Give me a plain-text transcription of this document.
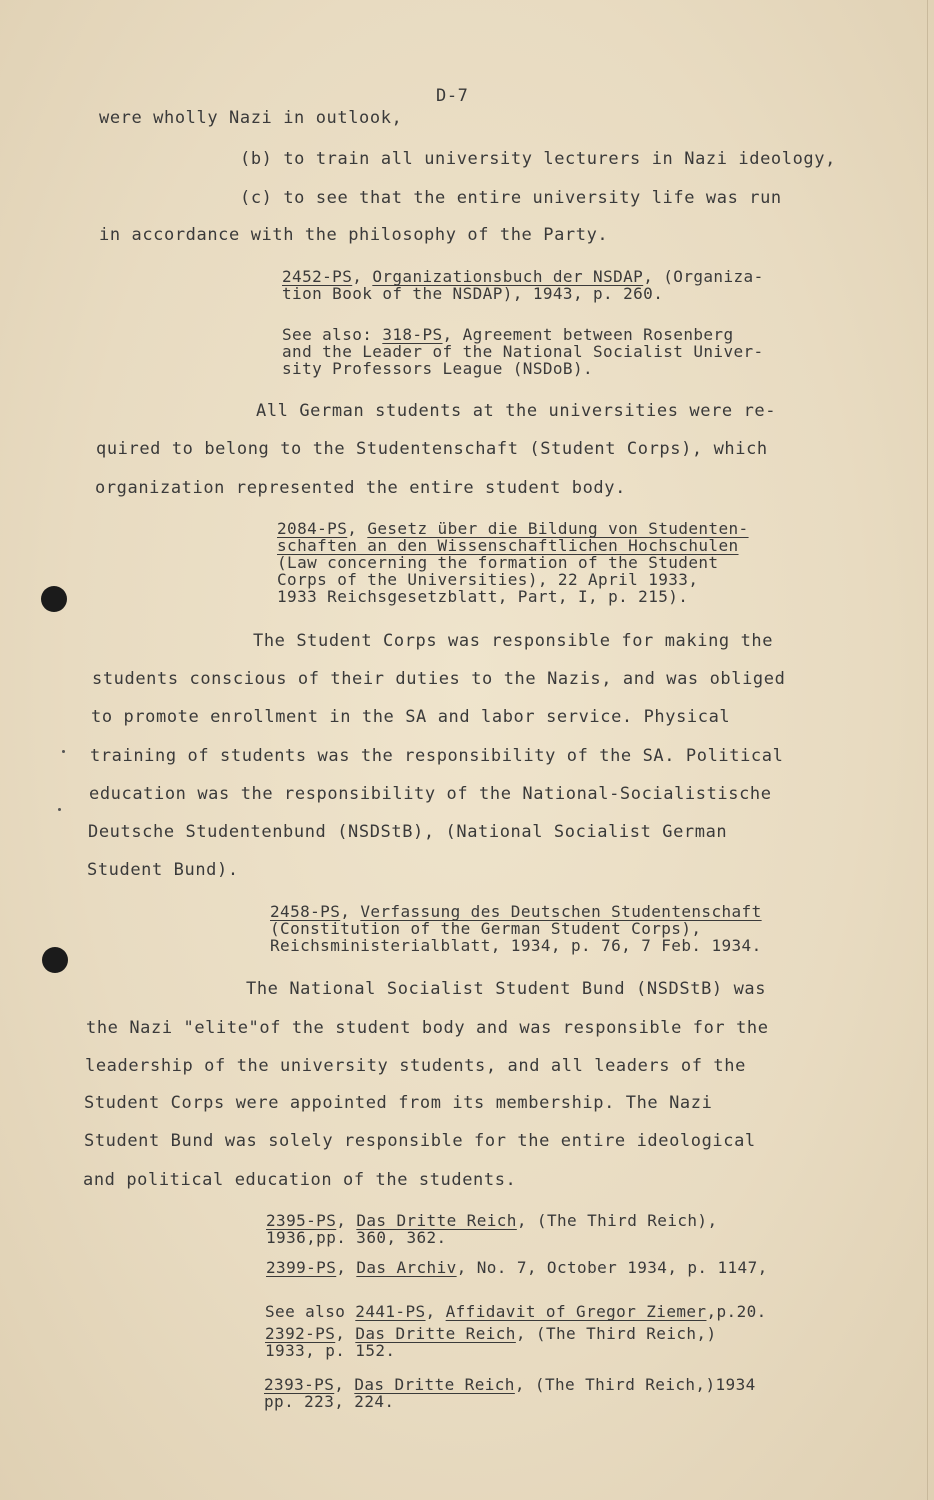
D-7
were wholly Nazi in outlook,
(b) to train all university lecturers in Nazi ideology,
(c) to see that the entire university life was run
in accordance with the philosophy of the Party.
2452-PS, Organizationsbuch der NSDAP, (Organiza-
tion Book of the NSDAP), 1943, p. 260.
See also: 318-PS, Agreement between Rosenberg
and the Leader of the National Socialist Univer-
sity Professors League (NSDoB).
All German students at the universities were re-
quired to belong to the Studentenschaft (Student Corps), which
organization represented the entire student body.
2084-PS, Gesetz über die Bildung von Studenten-
schaften an den Wissenschaftlichen Hochschulen
(Law concerning the formation of the Student
Corps of the Universities), 22 April 1933,
1933 Reichsgesetzblatt, Part, I, p. 215).
The Student Corps was responsible for making the
students conscious of their duties to the Nazis, and was obliged
to promote enrollment in the SA and labor service. Physical
training of students was the responsibility of the SA. Political
education was the responsibility of the National-Socialistische
Deutsche Studentenbund (NSDStB), (National Socialist German
Student Bund).
2458-PS, Verfassung des Deutschen Studentenschaft
(Constitution of the German Student Corps),
Reichsministerialblatt, 1934, p. 76, 7 Feb. 1934.
The National Socialist Student Bund (NSDStB) was
the Nazi "elite"of the student body and was responsible for the
leadership of the university students, and all leaders of the
Student Corps were appointed from its membership. The Nazi
Student Bund was solely responsible for the entire ideological
and political education of the students.
2395-PS, Das Dritte Reich, (The Third Reich),
1936,pp. 360, 362.
2399-PS, Das Archiv, No. 7, October 1934, p. 1147,
See also 2441-PS, Affidavit of Gregor Ziemer,p.20.
2392-PS, Das Dritte Reich, (The Third Reich,)
1933, p. 152.
2393-PS, Das Dritte Reich, (The Third Reich,)1934
pp. 223, 224.
